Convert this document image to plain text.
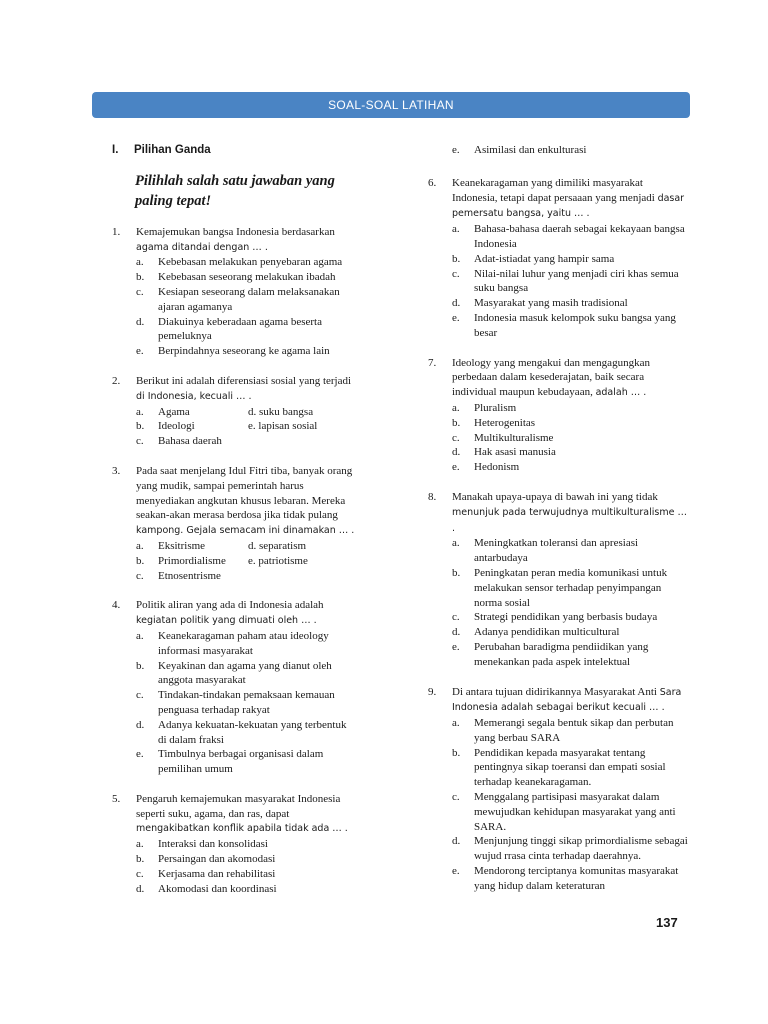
SOAL-SOAL LATIHAN
I.	Pilihan Ganda
Pilihlah salah satu jawaban yang paling tepat!
1.	Kemajemukan bangsa Indonesia berdasarkan agama ditandai dengan … .
a.	Kebebasan melakukan penyebaran agama
b.	Kebebasan seseorang melakukan ibadah
c.	Kesiapan seseorang dalam melaksanakan ajaran agamanya
d.	Diakuinya keberadaan agama beserta pemeluknya
e.	Berpindahnya seseorang ke agama lain
2.	Berikut ini adalah diferensiasi sosial yang terjadi di Indonesia, kecuali … .
a.	Agama	d. suku bangsa
b.	Ideologi	e. lapisan sosial
c.	Bahasa daerah
3.	Pada saat menjelang Idul Fitri tiba, banyak orang yang mudik, sampai pemerintah harus menyediakan angkutan khusus lebaran. Mereka seakan-akan merasa berdosa jika tidak pulang kampong. Gejala semacam ini dinamakan … .
a.	Eksitrisme	d. separatism
b.	Primordialisme	e. patriotisme
c.	Etnosentrisme
4.	Politik aliran yang ada di Indonesia adalah kegiatan politik yang dimuati oleh … .
a.	Keanekaragaman paham atau ideology informasi masyarakat
b.	Keyakinan dan agama yang dianut oleh anggota masyarakat
c.	Tindakan-tindakan pemaksaan kemauan penguasa terhadap rakyat
d.	Adanya kekuatan-kekuatan yang terbentuk di dalam fraksi
e.	Timbulnya berbagai organisasi dalam pemilihan umum
5.	Pengaruh kemajemukan masyarakat Indonesia seperti suku, agama, dan ras, dapat mengakibatkan konflik apabila tidak ada … .
a.	Interaksi dan konsolidasi
b.	Persaingan dan akomodasi
c.	Kerjasama dan rehabilitasi
d.	Akomodasi dan koordinasi
e.	Asimilasi dan enkulturasi
6.	Keanekaragaman yang dimiliki masyarakat Indonesia, tetapi dapat persaaan yang menjadi dasar pemersatu bangsa, yaitu … .
a.	Bahasa-bahasa daerah sebagai kekayaan bangsa Indonesia
b.	Adat-istiadat yang hampir sama
c.	Nilai-nilai luhur yang menjadi ciri khas semua suku bangsa
d.	Masyarakat yang masih tradisional
e.	Indonesia masuk kelompok suku bangsa yang besar
7.	Ideology yang mengakui dan mengagungkan perbedaan dalam kesederajatan, baik secara individual maupun kebudayaan, adalah … .
a.	Pluralism
b.	Heterogenitas
c.	Multikulturalisme
d.	Hak asasi manusia
e.	Hedonism
8.	Manakah upaya-upaya di bawah ini yang tidak menunjuk pada terwujudnya multikulturalisme … .
a.	Meningkatkan toleransi dan apresiasi antarbudaya
b.	Peningkatan peran media komunikasi untuk melakukan sensor terhadap penyimpangan norma sosial
c.	Strategi pendidikan yang berbasis budaya
d.	Adanya pendidikan multicultural
e.	Perubahan baradigma pendiidikan yang menekankan pada aspek intelektual
9.	Di antara tujuan didirikannya Masyarakat Anti Sara Indonesia adalah sebagai berikut kecuali … .
a.	Memerangi segala bentuk sikap dan perbutan yang berbau SARA
b.	Pendidikan kepada masyarakat tentang pentingnya sikap toeransi dan empati sosial terhadap keanekaragaman.
c.	Menggalang partisipasi masyarakat dalam mewujudkan kehidupan masyarakat yang anti SARA.
d.	Menjunjung tinggi sikap primordialisme sebagai wujud rrasa cinta terhadap daerahnya.
e.	Mendorong terciptanya komunitas masyarakat yang hidup dalam keteraturan
137
